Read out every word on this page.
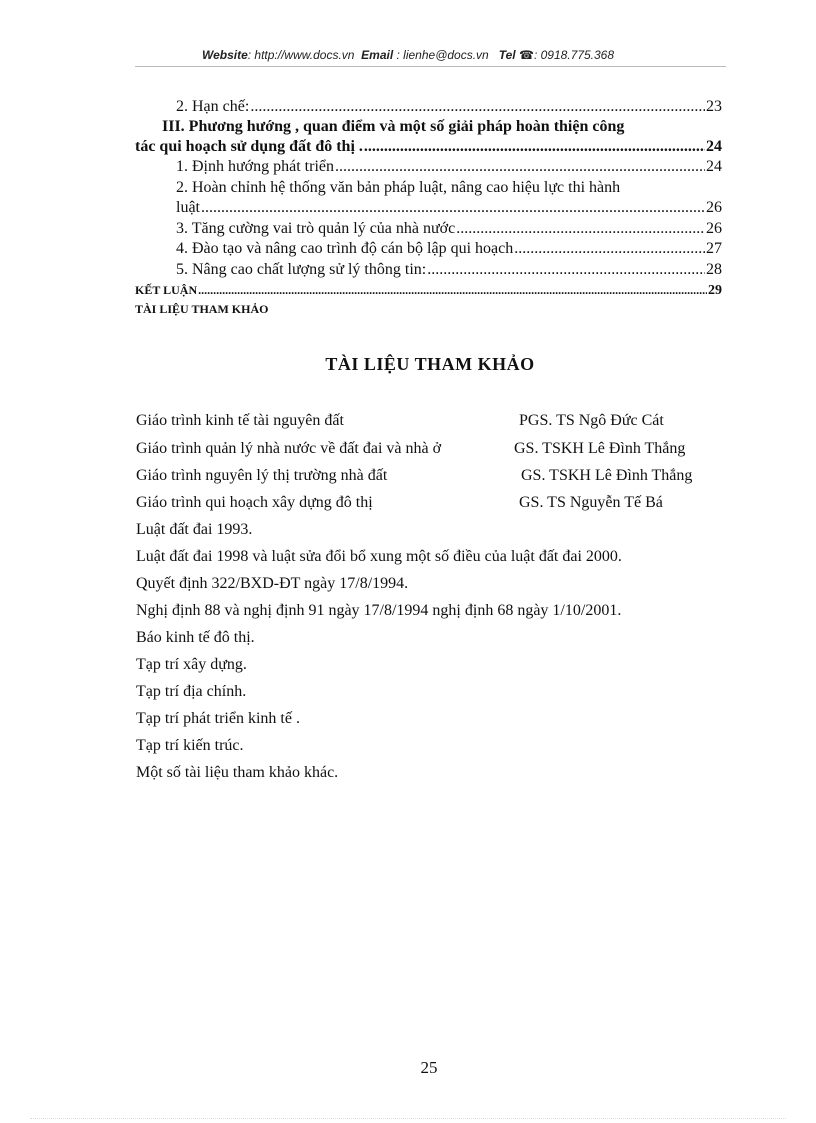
Website: http://www.docs.vn Email : lienhe@docs.vn Tel ☎: 0918.775.368
2. Hạn chế: .....	23
III. Phương hướng , quan điểm và một số giải pháp hoàn thiện công
tác qui hoạch sử dụng đất đô thị . .....	24
1. Định hướng phát triển .....	24
2. Hoàn chỉnh hệ thống văn bản pháp luật, nâng cao hiệu lực thi hành
luật .....	26
3. Tăng cường vai trò quản lý của nhà nước .....	26
4. Đào tạo và nâng cao trình độ cán bộ lập qui hoạch .....	27
5. Nâng cao chất lượng sử lý thông tin: .....	28
KẾT LUẬN .....	29
TÀI LIỆU THAM KHẢO
TÀI LIỆU THAM KHẢO
Giáo trình kinh tế tài nguyên đất	PGS. TS Ngô Đức Cát
Giáo trình quản lý nhà nước về đất đai và nhà ở	GS. TSKH Lê Đình Thắng
Giáo trình nguyên lý thị trường nhà đất	GS. TSKH Lê Đình Thắng
Giáo trình qui hoạch xây dựng đô thị	GS. TS Nguyễn Tế Bá
Luật đất đai 1993.
Luật đất đai 1998 và luật sửa đổi bổ xung một số điều của luật đất đai 2000.
Quyết định 322/BXD-ĐT ngày 17/8/1994.
Nghị định 88 và nghị định 91 ngày 17/8/1994 nghị định 68 ngày 1/10/2001.
Báo kinh tế đô thị.
Tạp trí xây dựng.
Tạp trí địa chính.
Tạp trí phát triển kinh tế .
Tạp trí kiến trúc.
Một số tài liệu tham khảo khác.
25
